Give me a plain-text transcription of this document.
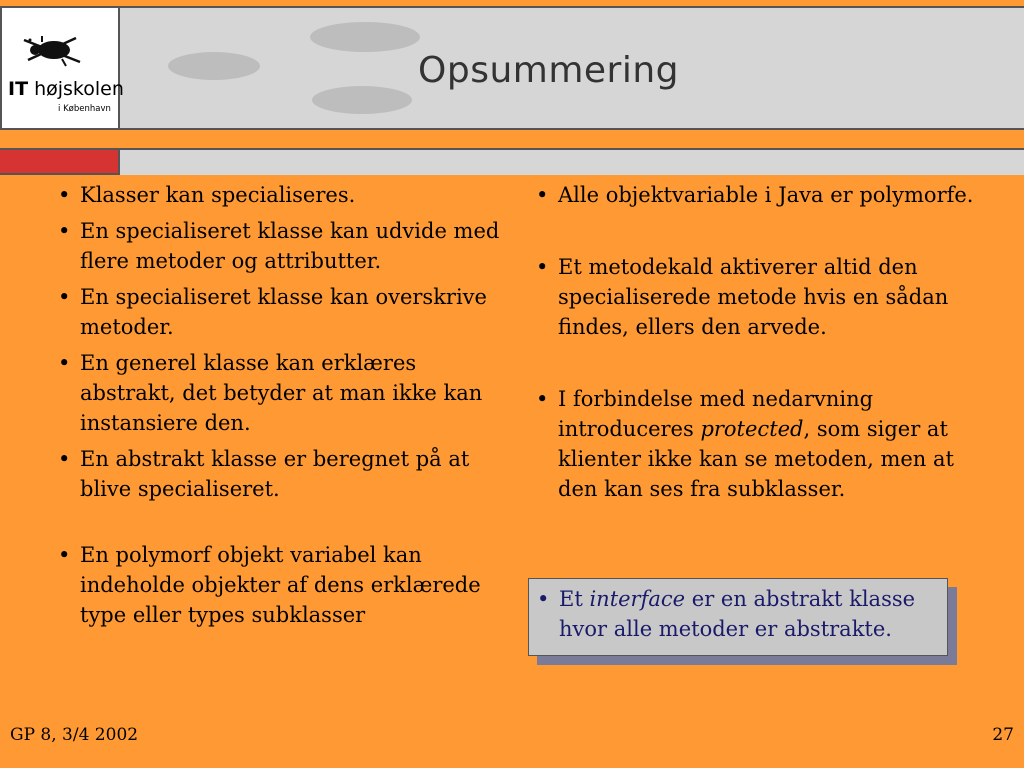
IT højskolen
i København
Opsummering
• Klasser kan specialiseres.
• En specialiseret klasse kan udvide med flere metoder og attributter.
• En specialiseret klasse kan overskrive metoder.
• En generel klasse kan erklæres abstrakt, det betyder at man ikke kan instansiere den.
• En abstrakt klasse er beregnet på at blive specialiseret.
• En polymorf objekt variabel kan indeholde objekter af dens erklærede type eller types subklasser
• Alle objektvariable i Java er polymorfe.
• Et metodekald aktiverer altid den specialiserede metode hvis en sådan findes, ellers den arvede.
• I forbindelse med nedarvning introduceres protected, som siger at klienter ikke kan se metoden, men at den kan ses fra subklasser.
• Et interface er en abstrakt klasse hvor alle metoder er abstrakte.
GP 8, 3/4 2002	27
